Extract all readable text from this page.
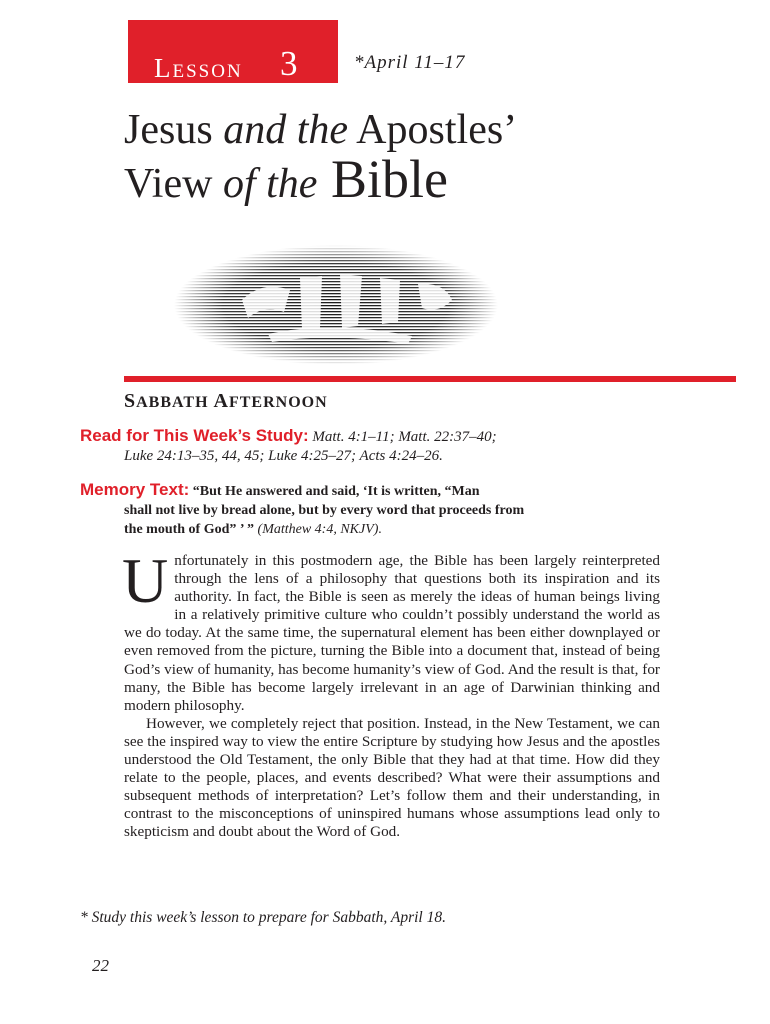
LESSON 3	*April 11–17
Jesus and the Apostles’
View of the Bible
SABBATH AFTERNOON
Read for This Week’s Study: Matt. 4:1–11; Matt. 22:37–40;
Luke 24:13–35, 44, 45; Luke 4:25–27; Acts 4:24–26.
Memory Text: “But He answered and said, ‘It is written, “Man
shall not live by bread alone, but by every word that proceeds from
the mouth of God” ’ ” (Matthew 4:4, NKJV).

Unfortunately in this postmodern age, the Bible has been largely reinterpreted through the lens of a philosophy that questions both its inspiration and its authority. In fact, the Bible is seen as merely the ideas of human beings living in a relatively primitive culture who couldn’t possibly understand the world as we do today. At the same time, the supernatural element has been either downplayed or even removed from the picture, turning the Bible into a document that, instead of being God’s view of humanity, has become humanity’s view of God. And the result is that, for many, the Bible has become largely irrelevant in an age of Darwinian thinking and modern philosophy.

However, we completely reject that position. Instead, in the New Testament, we can see the inspired way to view the entire Scripture by studying how Jesus and the apostles understood the Old Testament, the only Bible that they had at that time. How did they relate to the people, places, and events described? What were their assumptions and subsequent methods of interpretation? Let’s follow them and their understanding, in contrast to the misconceptions of uninspired humans whose assumptions lead only to skepticism and doubt about the Word of God.

* Study this week’s lesson to prepare for Sabbath, April 18.

22
